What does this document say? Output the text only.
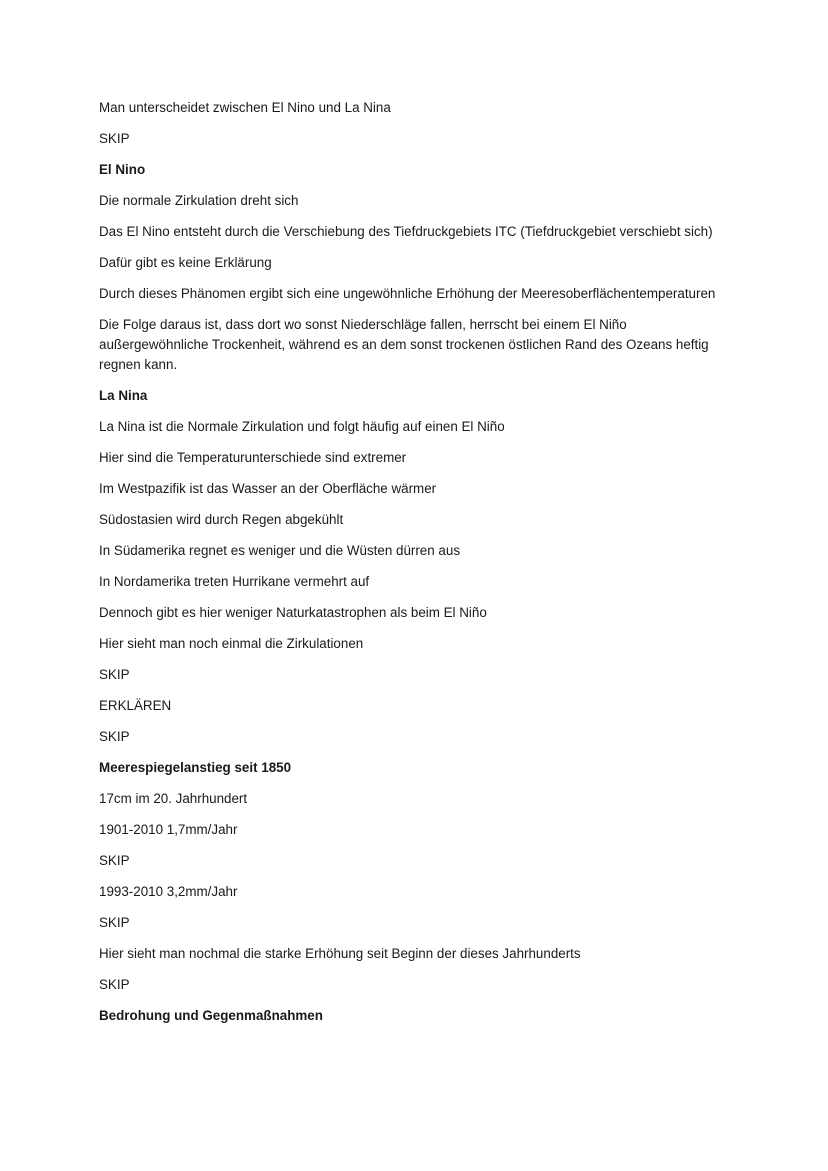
Man unterscheidet zwischen El Nino und La Nina

SKIP

El Nino

Die normale Zirkulation dreht sich

Das El Nino entsteht durch die Verschiebung des Tiefdruckgebiets ITC (Tiefdruckgebiet verschiebt sich)

Dafür gibt es keine Erklärung

Durch dieses Phänomen ergibt sich eine ungewöhnliche Erhöhung der Meeresoberflächentemperaturen

Die Folge daraus ist, dass dort wo sonst Niederschläge fallen, herrscht bei einem El Niño außergewöhnliche Trockenheit, während es an dem sonst trockenen östlichen Rand des Ozeans heftig regnen kann.

La Nina

La Nina ist die Normale Zirkulation und folgt häufig auf einen El Niño

Hier sind die Temperaturunterschiede sind extremer

Im Westpazifik ist das Wasser an der Oberfläche wärmer

Südostasien wird durch Regen abgekühlt

In Südamerika regnet es weniger und die Wüsten dürren aus

In Nordamerika treten Hurrikane vermehrt auf

Dennoch gibt es hier weniger Naturkatastrophen als beim El Niño

Hier sieht man noch einmal die Zirkulationen

SKIP

ERKLÄREN

SKIP

Meerespiegelanstieg seit 1850

17cm im 20. Jahrhundert

1901-2010 1,7mm/Jahr

SKIP

1993-2010 3,2mm/Jahr

SKIP

Hier sieht man nochmal die starke Erhöhung seit Beginn der dieses Jahrhunderts

SKIP

Bedrohung und Gegenmaßnahmen
